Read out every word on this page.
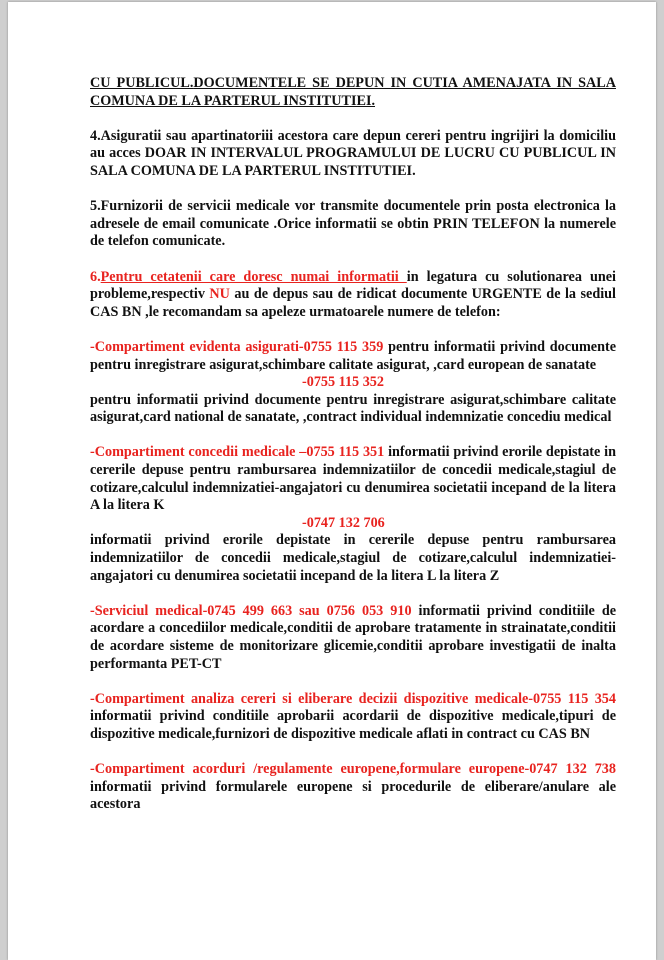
CU PUBLICUL.DOCUMENTELE SE DEPUN IN CUTIA AMENAJATA IN SALA COMUNA DE LA PARTERUL INSTITUTIEI.

4.Asiguratii sau apartinatoriii acestora care depun cereri pentru ingrijiri la domiciliu au acces DOAR IN INTERVALUL PROGRAMULUI DE LUCRU CU PUBLICUL IN SALA COMUNA DE LA PARTERUL INSTITUTIEI.

5.Furnizorii de servicii medicale vor transmite documentele prin posta electronica la adresele de email comunicate .Orice informatii se obtin PRIN TELEFON la numerele de telefon comunicate.

6.Pentru cetatenii care doresc numai informatii in legatura cu solutionarea unei probleme,respectiv NU au de depus sau de ridicat documente URGENTE de la sediul CAS BN ,le recomandam sa apeleze urmatoarele numere de telefon:

-Compartiment evidenta asigurati-0755 115 359 pentru informatii privind documente pentru inregistrare asigurat,schimbare calitate asigurat, ,card european de sanatate
-0755 115 352
pentru informatii privind documente pentru inregistrare asigurat,schimbare calitate asigurat,card national de sanatate, ,contract individual indemnizatie concediu medical

-Compartiment concedii medicale –0755 115 351 informatii privind erorile depistate in cererile depuse pentru rambursarea indemnizatiilor de concedii medicale,stagiul de cotizare,calculul indemnizatiei-angajatori cu denumirea societatii incepand de la litera A la litera K
-0747 132 706
informatii privind erorile depistate in cererile depuse pentru rambursarea indemnizatiilor de concedii medicale,stagiul de cotizare,calculul indemnizatiei-angajatori cu denumirea societatii incepand de la litera L la litera Z

-Serviciul medical-0745 499 663 sau 0756 053 910 informatii privind conditiile de acordare a concediilor medicale,conditii de aprobare tratamente in strainatate,conditii de acordare sisteme de monitorizare glicemie,conditii aprobare investigatii de inalta performanta PET-CT

-Compartiment analiza cereri si eliberare decizii dispozitive medicale-0755 115 354 informatii privind conditiile aprobarii acordarii de dispozitive medicale,tipuri de dispozitive medicale,furnizori de dispozitive medicale aflati in contract cu CAS BN

-Compartiment acorduri /regulamente europene,formulare europene-0747 132 738 informatii privind formularele europene si procedurile de eliberare/anulare ale acestora
